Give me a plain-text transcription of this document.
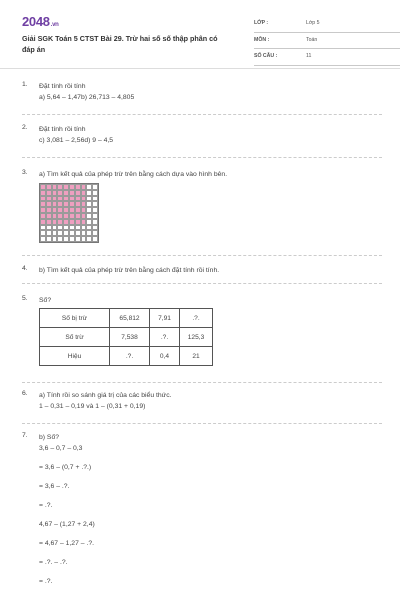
2048.vn
Giải SGK Toán 5 CTST Bài 29. Trừ hai số số thập phân có đáp án
LỚP :	Lớp 5
MÔN :	Toán
SỐ CÂU :	11
1. Đặt tính rồi tính
a) 5,64 – 1,47b) 26,713 – 4,805
2. Đặt tính rồi tính
c) 3,081 – 2,56d) 9 – 4,5
3. a) Tìm kết quả của phép trừ trên bằng cách dựa vào hình bên.
4. b) Tìm kết quả của phép trừ trên bằng cách đặt tính rồi tính.
5. Số?
Số bị trừ	65,812	7,91	.?.
Số trừ	7,538	.?.	125,3
Hiệu	.?.	0,4	21
6. a) Tính rồi so sánh giá trị của các biểu thức.
1 – 0,31 – 0,19 và 1 – (0,31 + 0,19)
7. b) Số?
3,6 – 0,7 – 0,3
= 3,6 – (0,7 + .?.)
= 3,6 – .?.
= .?.
4,67 – (1,27 + 2,4)
= 4,67 – 1,27 – .?.
= .?. – .?.
= .?.
